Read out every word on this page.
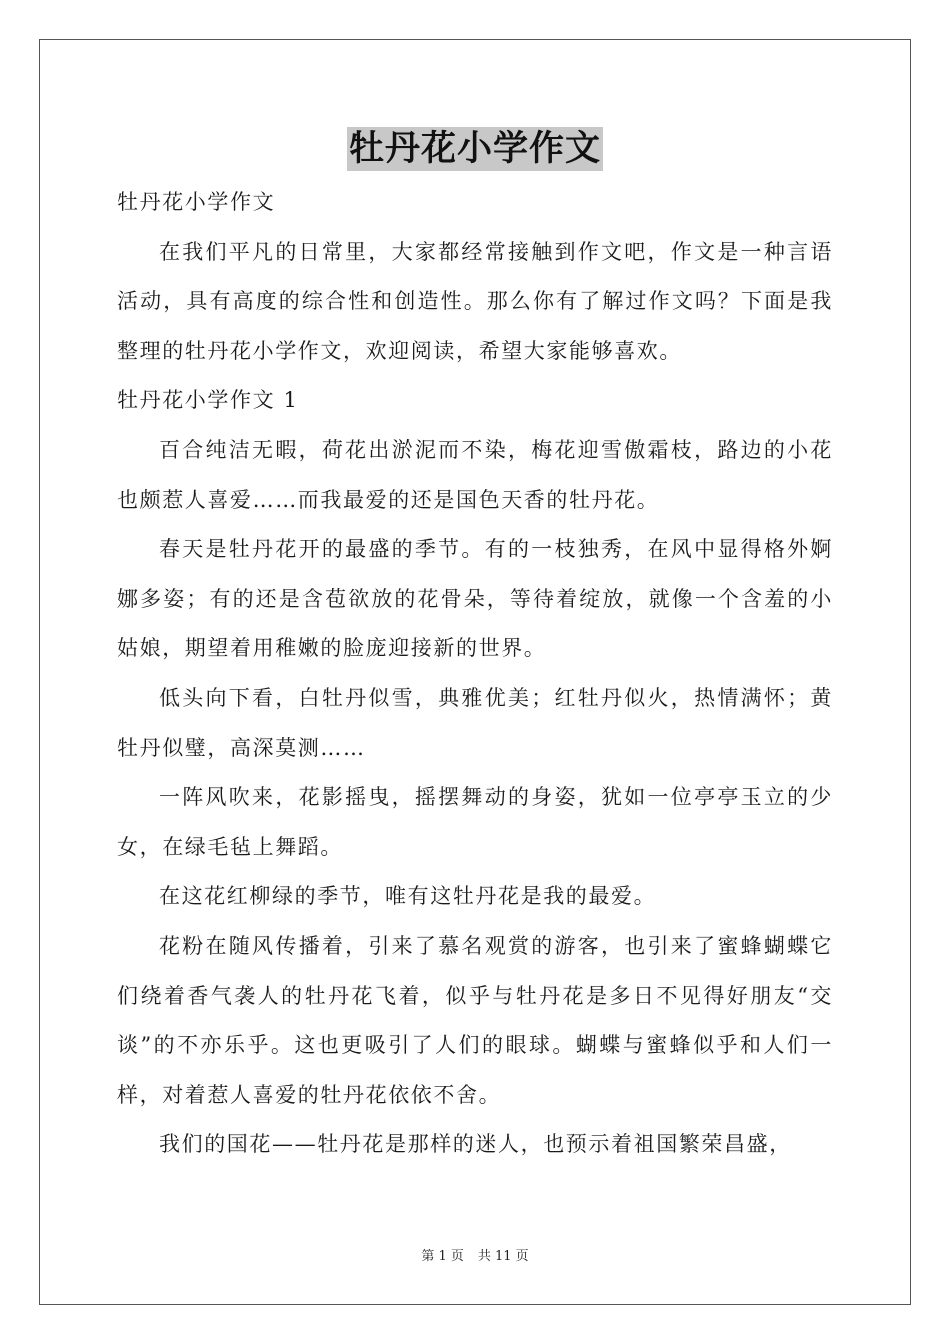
牡丹花小学作文

牡丹花小学作文

在我们平凡的日常里，大家都经常接触到作文吧，作文是一种言语活动，具有高度的综合性和创造性。那么你有了解过作文吗？下面是我整理的牡丹花小学作文，欢迎阅读，希望大家能够喜欢。

牡丹花小学作文 1

百合纯洁无暇，荷花出淤泥而不染，梅花迎雪傲霜枝，路边的小花也颇惹人喜爱……而我最爱的还是国色天香的牡丹花。

春天是牡丹花开的最盛的季节。有的一枝独秀，在风中显得格外婀娜多姿；有的还是含苞欲放的花骨朵，等待着绽放，就像一个含羞的小姑娘，期望着用稚嫩的脸庞迎接新的世界。

低头向下看，白牡丹似雪，典雅优美；红牡丹似火，热情满怀；黄牡丹似璧，高深莫测……

一阵风吹来，花影摇曳，摇摆舞动的身姿，犹如一位亭亭玉立的少女，在绿毛毡上舞蹈。

在这花红柳绿的季节，唯有这牡丹花是我的最爱。

花粉在随风传播着，引来了慕名观赏的游客，也引来了蜜蜂蝴蝶它们绕着香气袭人的牡丹花飞着，似乎与牡丹花是多日不见得好朋友“交谈”的不亦乐乎。这也更吸引了人们的眼球。蝴蝶与蜜蜂似乎和人们一样，对着惹人喜爱的牡丹花依依不舍。

我们的国花——牡丹花是那样的迷人，也预示着祖国繁荣昌盛，

第 1 页 共 11 页
